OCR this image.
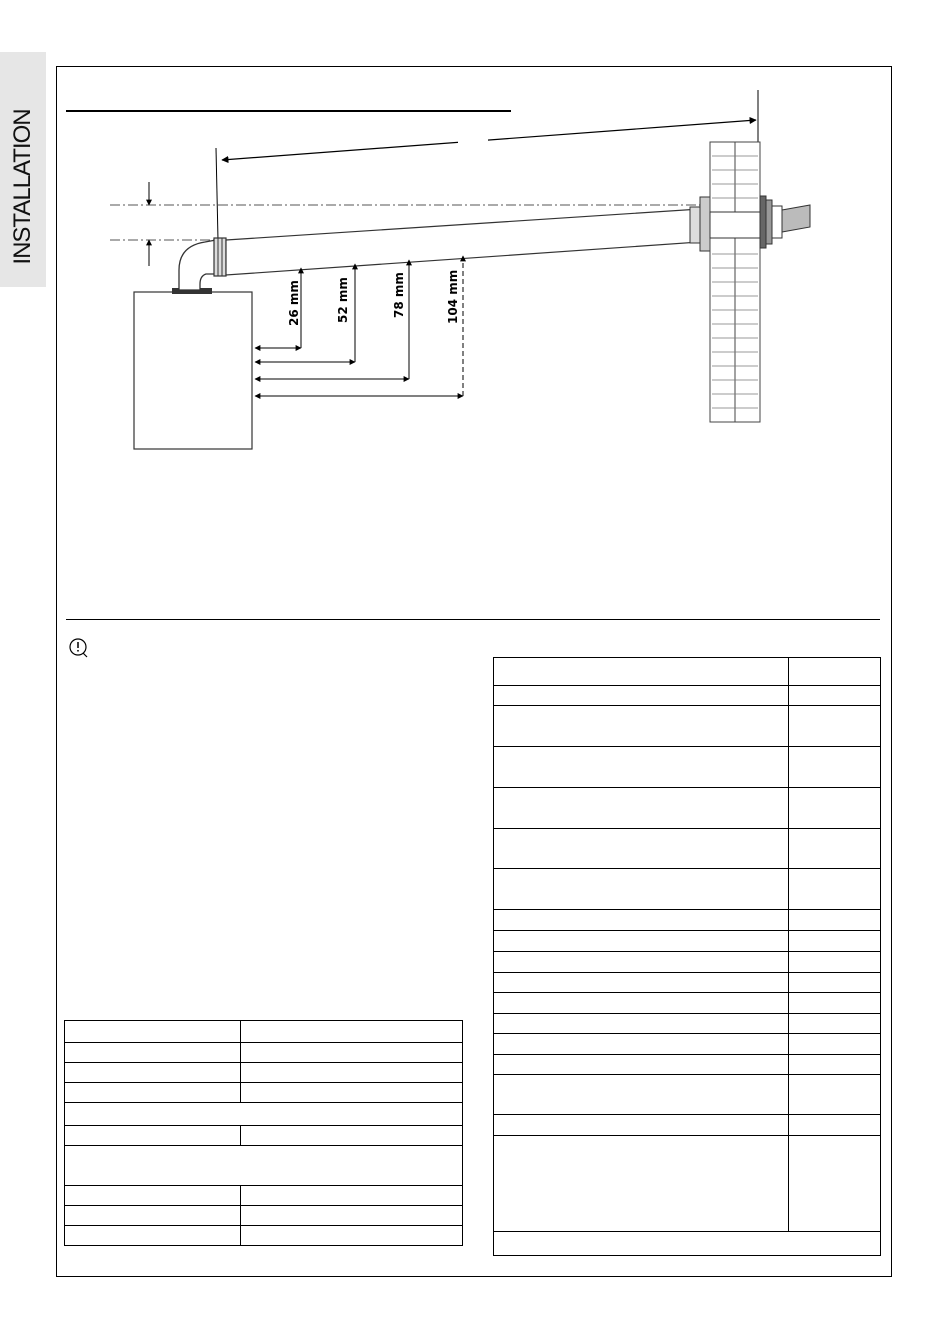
INSTALLATION
26 mm	52 mm	78 mm	104 mm
